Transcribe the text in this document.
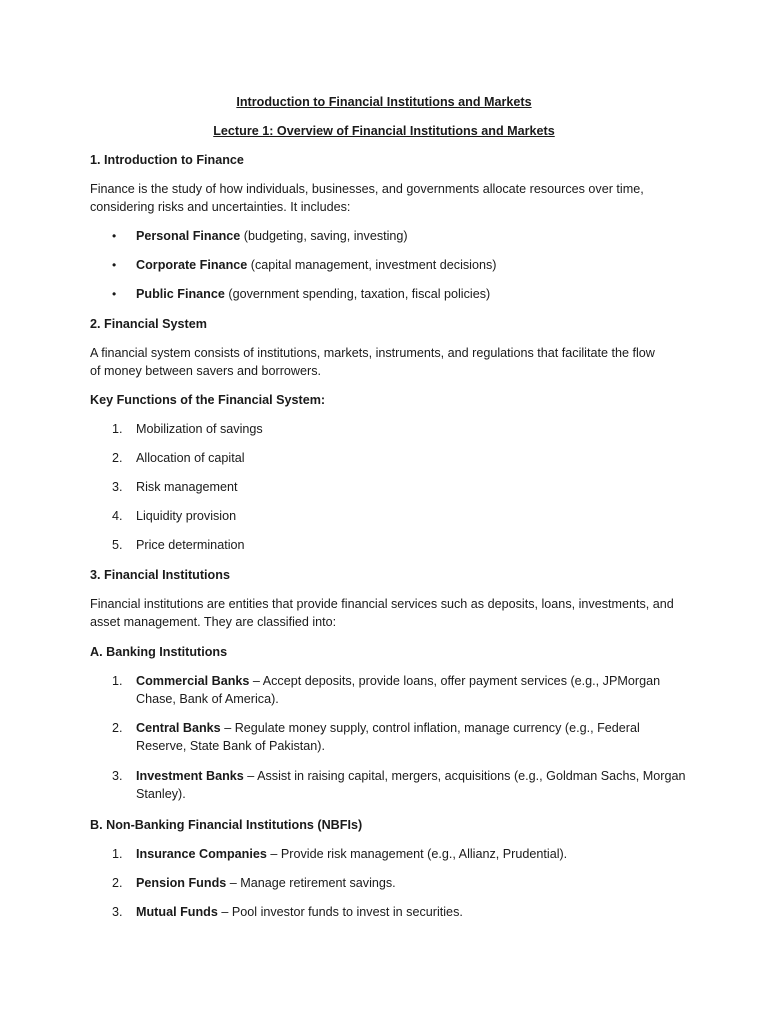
Introduction to Financial Institutions and Markets
Lecture 1: Overview of Financial Institutions and Markets
1. Introduction to Finance
Finance is the study of how individuals, businesses, and governments allocate resources over time,
considering risks and uncertainties. It includes:
• Personal Finance (budgeting, saving, investing)
• Corporate Finance (capital management, investment decisions)
• Public Finance (government spending, taxation, fiscal policies)
2. Financial System
A financial system consists of institutions, markets, instruments, and regulations that facilitate the flow
of money between savers and borrowers.
Key Functions of the Financial System:
1. Mobilization of savings
2. Allocation of capital
3. Risk management
4. Liquidity provision
5. Price determination
3. Financial Institutions
Financial institutions are entities that provide financial services such as deposits, loans, investments, and
asset management. They are classified into:
A. Banking Institutions
1. Commercial Banks – Accept deposits, provide loans, offer payment services (e.g., JPMorgan
Chase, Bank of America).
2. Central Banks – Regulate money supply, control inflation, manage currency (e.g., Federal
Reserve, State Bank of Pakistan).
3. Investment Banks – Assist in raising capital, mergers, acquisitions (e.g., Goldman Sachs, Morgan
Stanley).
B. Non-Banking Financial Institutions (NBFIs)
1. Insurance Companies – Provide risk management (e.g., Allianz, Prudential).
2. Pension Funds – Manage retirement savings.
3. Mutual Funds – Pool investor funds to invest in securities.
